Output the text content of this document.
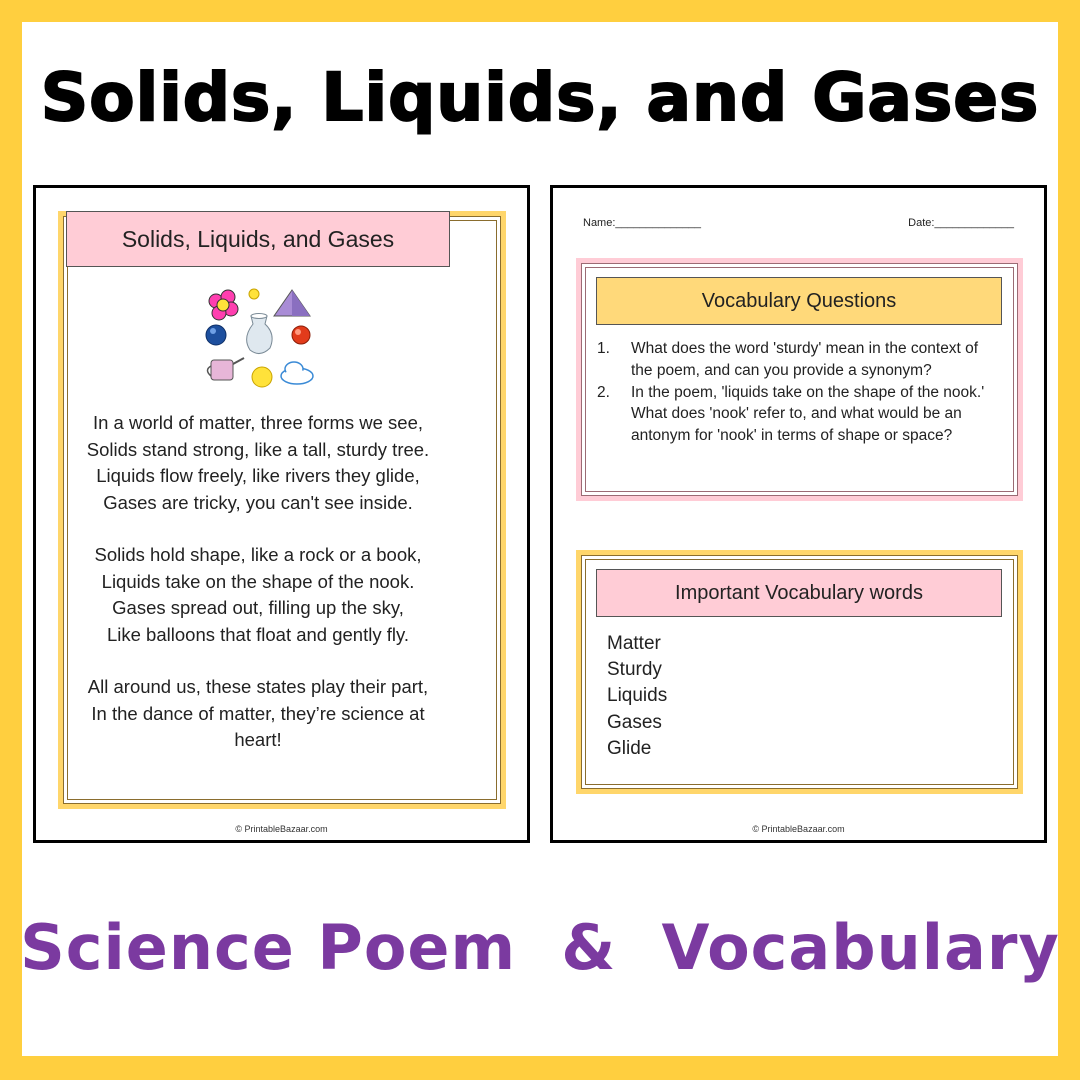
Solids, Liquids, and Gases
Solids, Liquids, and Gases
In a world of matter, three forms we see,
Solids stand strong, like a tall, sturdy tree.
Liquids flow freely, like rivers they glide,
Gases are tricky, you can't see inside.
Solids hold shape, like a rock or a book,
Liquids take on the shape of the nook.
Gases spread out, filling up the sky,
Like balloons that float and gently fly.
All around us, these states play their part,
In the dance of matter, they’re science at
heart!
© PrintableBazaar.com
Name:______________	Date:_____________
Vocabulary Questions
1. What does the word 'sturdy' mean in the context of the poem, and can you provide a synonym?
2. In the poem, 'liquids take on the shape of the nook.' What does 'nook' refer to, and what would be an antonym for 'nook' in terms of shape or space?
Important Vocabulary words
Matter
Sturdy
Liquids
Gases
Glide
© PrintableBazaar.com
Science Poem  &  Vocabulary
